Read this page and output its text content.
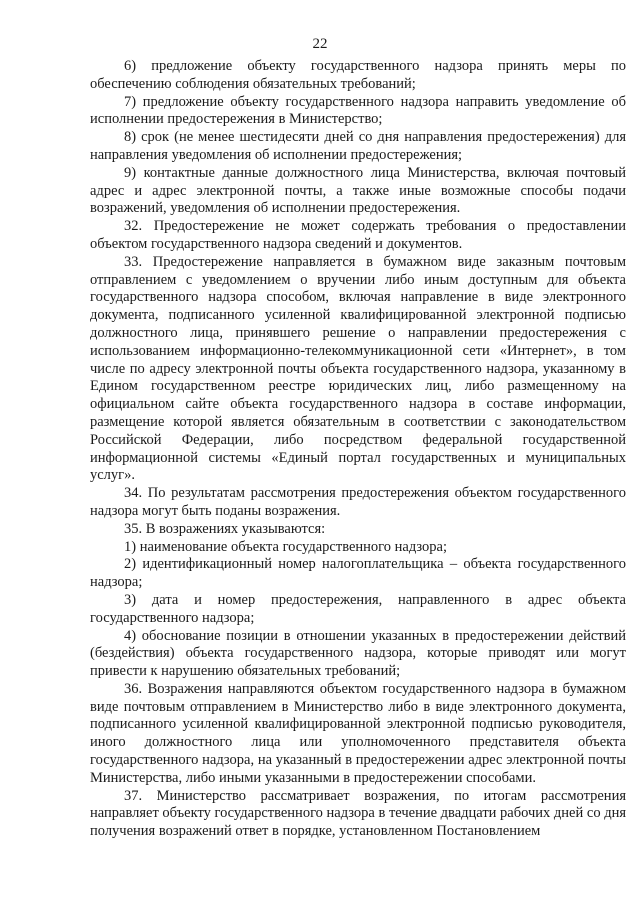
22

6) предложение объекту государственного надзора принять меры по обеспечению соблюдения обязательных требований;

7) предложение объекту государственного надзора направить уведомление об исполнении предостережения в Министерство;

8) срок (не менее шестидесяти дней со дня направления предостережения) для направления уведомления об исполнении предостережения;

9) контактные данные должностного лица Министерства, включая почтовый адрес и адрес электронной почты, а также иные возможные способы подачи возражений, уведомления об исполнении предостережения.

32. Предостережение не может содержать требования о предоставлении объектом государственного надзора сведений и документов.

33. Предостережение направляется в бумажном виде заказным почтовым отправлением с уведомлением о вручении либо иным доступным для объекта государственного надзора способом, включая направление в виде электронного документа, подписанного усиленной квалифицированной электронной подписью должностного лица, принявшего решение о направлении предостережения с использованием информационно-телекоммуникационной сети «Интернет», в том числе по адресу электронной почты объекта государственного надзора, указанному в Едином государственном реестре юридических лиц, либо размещенному на официальном сайте объекта государственного надзора в составе информации, размещение которой является обязательным в соответствии с законодательством Российской Федерации, либо посредством федеральной государственной информационной системы «Единый портал государственных и муниципальных услуг».

34. По результатам рассмотрения предостережения объектом государственного надзора могут быть поданы возражения.

35. В возражениях указываются:

1) наименование объекта государственного надзора;

2) идентификационный номер налогоплательщика – объекта государственного надзора;

3) дата и номер предостережения, направленного в адрес объекта государственного надзора;

4) обоснование позиции в отношении указанных в предостережении действий (бездействия) объекта государственного надзора, которые приводят или могут привести к нарушению обязательных требований;

36. Возражения направляются объектом государственного надзора в бумажном виде почтовым отправлением в Министерство либо в виде электронного документа, подписанного усиленной квалифицированной электронной подписью руководителя, иного должностного лица или уполномоченного представителя объекта государственного надзора, на указанный в предостережении адрес электронной почты Министерства, либо иными указанными в предостережении способами.

37. Министерство рассматривает возражения, по итогам рассмотрения направляет объекту государственного надзора в течение двадцати рабочих дней со дня получения возражений ответ в порядке, установленном Постановлением
